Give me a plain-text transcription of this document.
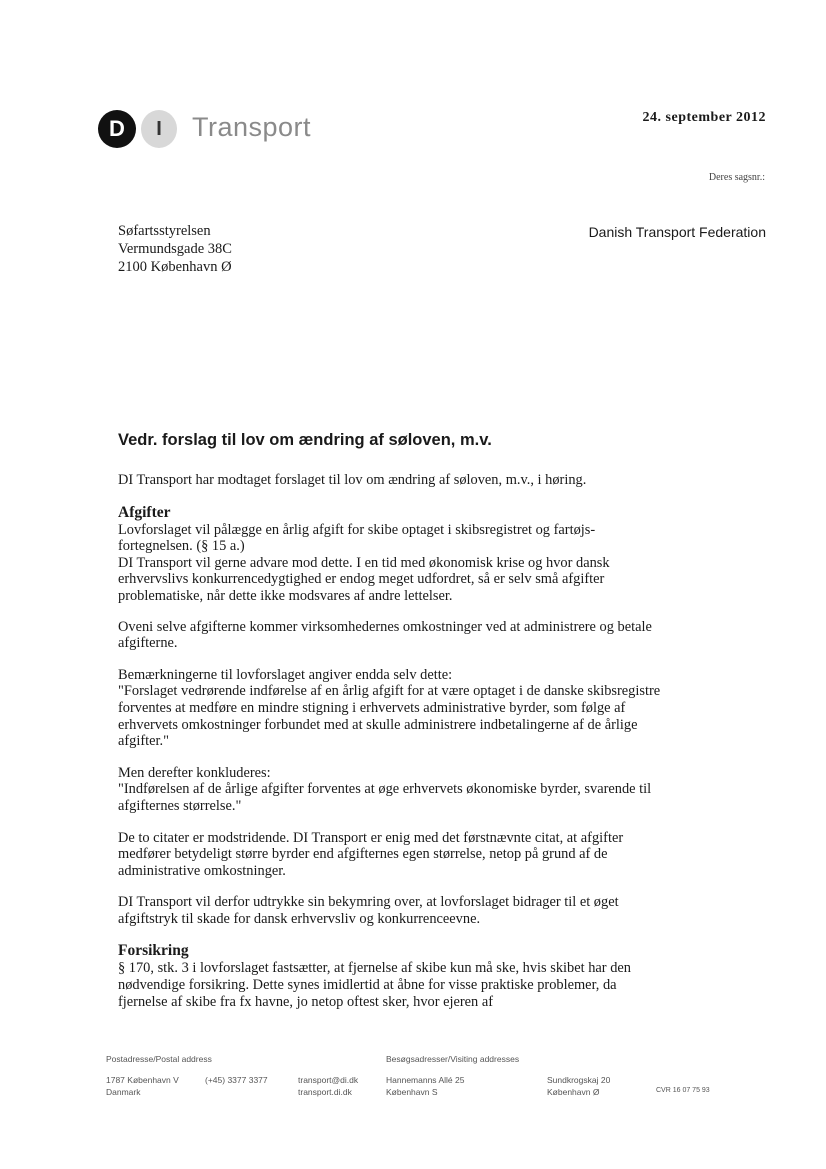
D	I	Transport	24. september 2012
Deres sagsnr.:
Søfartsstyrelsen
Vermundsgade 38C
2100 København Ø
Danish Transport Federation
Vedr. forslag til lov om ændring af søloven, m.v.

DI Transport har modtaget forslaget til lov om ændring af søloven, m.v., i høring.

Afgifter
Lovforslaget vil pålægge en årlig afgift for skibe optaget i skibsregistret og fartøjs-fortegnelsen. (§ 15 a.)
DI Transport vil gerne advare mod dette. I en tid med økonomisk krise og hvor dansk erhvervslivs konkurrencedygtighed er endog meget udfordret, så er selv små afgifter problematiske, når dette ikke modsvares af andre lettelser.

Oveni selve afgifterne kommer virksomhedernes omkostninger ved at administrere og betale afgifterne.

Bemærkningerne til lovforslaget angiver endda selv dette:
"Forslaget vedrørende indførelse af en årlig afgift for at være optaget i de danske skibsregistre forventes at medføre en mindre stigning i erhvervets administrative byrder, som følge af erhvervets omkostninger forbundet med at skulle administrere indbetalingerne af de årlige afgifter."

Men derefter konkluderes:
"Indførelsen af de årlige afgifter forventes at øge erhvervets økonomiske byrder, svarende til afgifternes størrelse."

De to citater er modstridende. DI Transport er enig med det førstnævnte citat, at afgifter medfører betydeligt større byrder end afgifternes egen størrelse, netop på grund af de administrative omkostninger.

DI Transport vil derfor udtrykke sin bekymring over, at lovforslaget bidrager til et øget afgiftstryk til skade for dansk erhvervsliv og konkurrenceevne.

Forsikring
§ 170, stk. 3 i lovforslaget fastsætter, at fjernelse af skibe kun må ske, hvis skibet har den nødvendige forsikring. Dette synes imidlertid at åbne for visse praktiske problemer, da fjernelse af skibe fra fx havne, jo netop oftest sker, hvor ejeren af
Postadresse/Postal address	Besøgsadresser/Visiting addresses
1787 København V
Danmark
(+45) 3377 3377	transport@di.dk
transport.di.dk
Hannemanns Allé 25
København S
Sundkrogskaj 20
København Ø	CVR 16 07 75 93
